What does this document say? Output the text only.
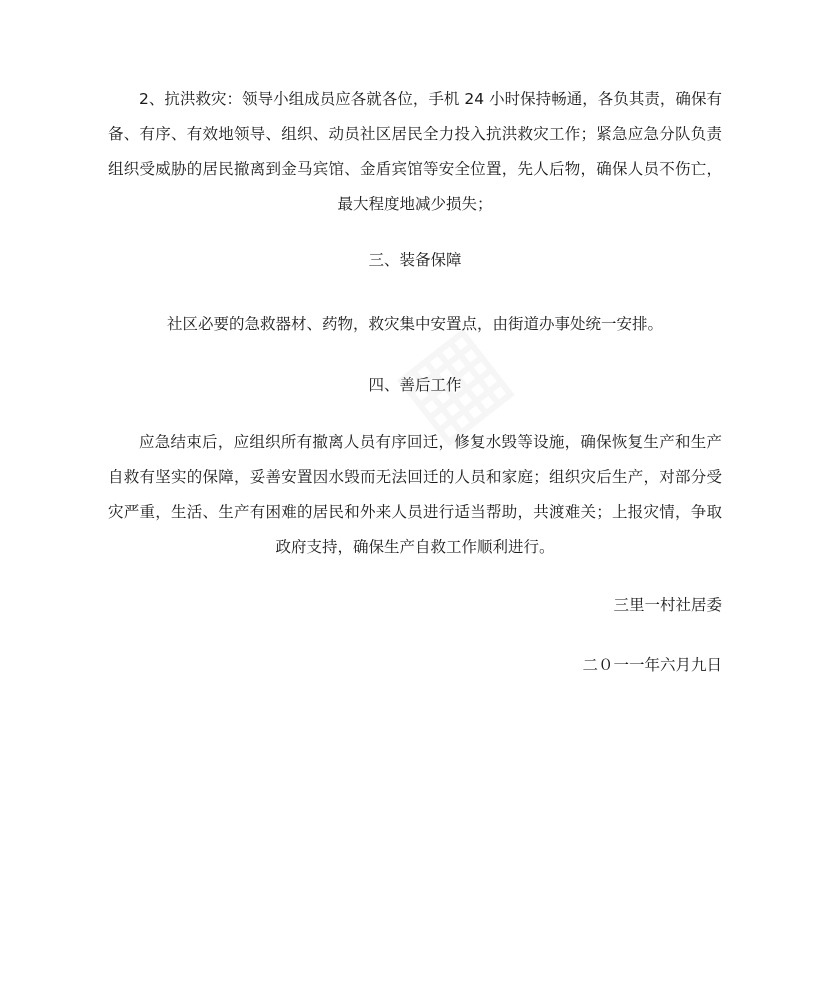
2、抗洪救灾：领导小组成员应各就各位，手机 24 小时保持畅通，各负其责，确保有备、有序、有效地领导、组织、动员社区居民全力投入抗洪救灾工作；紧急应急分队负责组织受威胁的居民撤离到金马宾馆、金盾宾馆等安全位置，先人后物，确保人员不伤亡，最大程度地减少损失；

三、装备保障

社区必要的急救器材、药物，救灾集中安置点，由街道办事处统一安排。

四、善后工作

应急结束后，应组织所有撤离人员有序回迁，修复水毁等设施，确保恢复生产和生产自救有坚实的保障，妥善安置因水毁而无法回迁的人员和家庭；组织灾后生产，对部分受灾严重，生活、生产有困难的居民和外来人员进行适当帮助，共渡难关；上报灾情，争取政府支持，确保生产自救工作顺利进行。

三里一村社居委

二０一一年六月九日
